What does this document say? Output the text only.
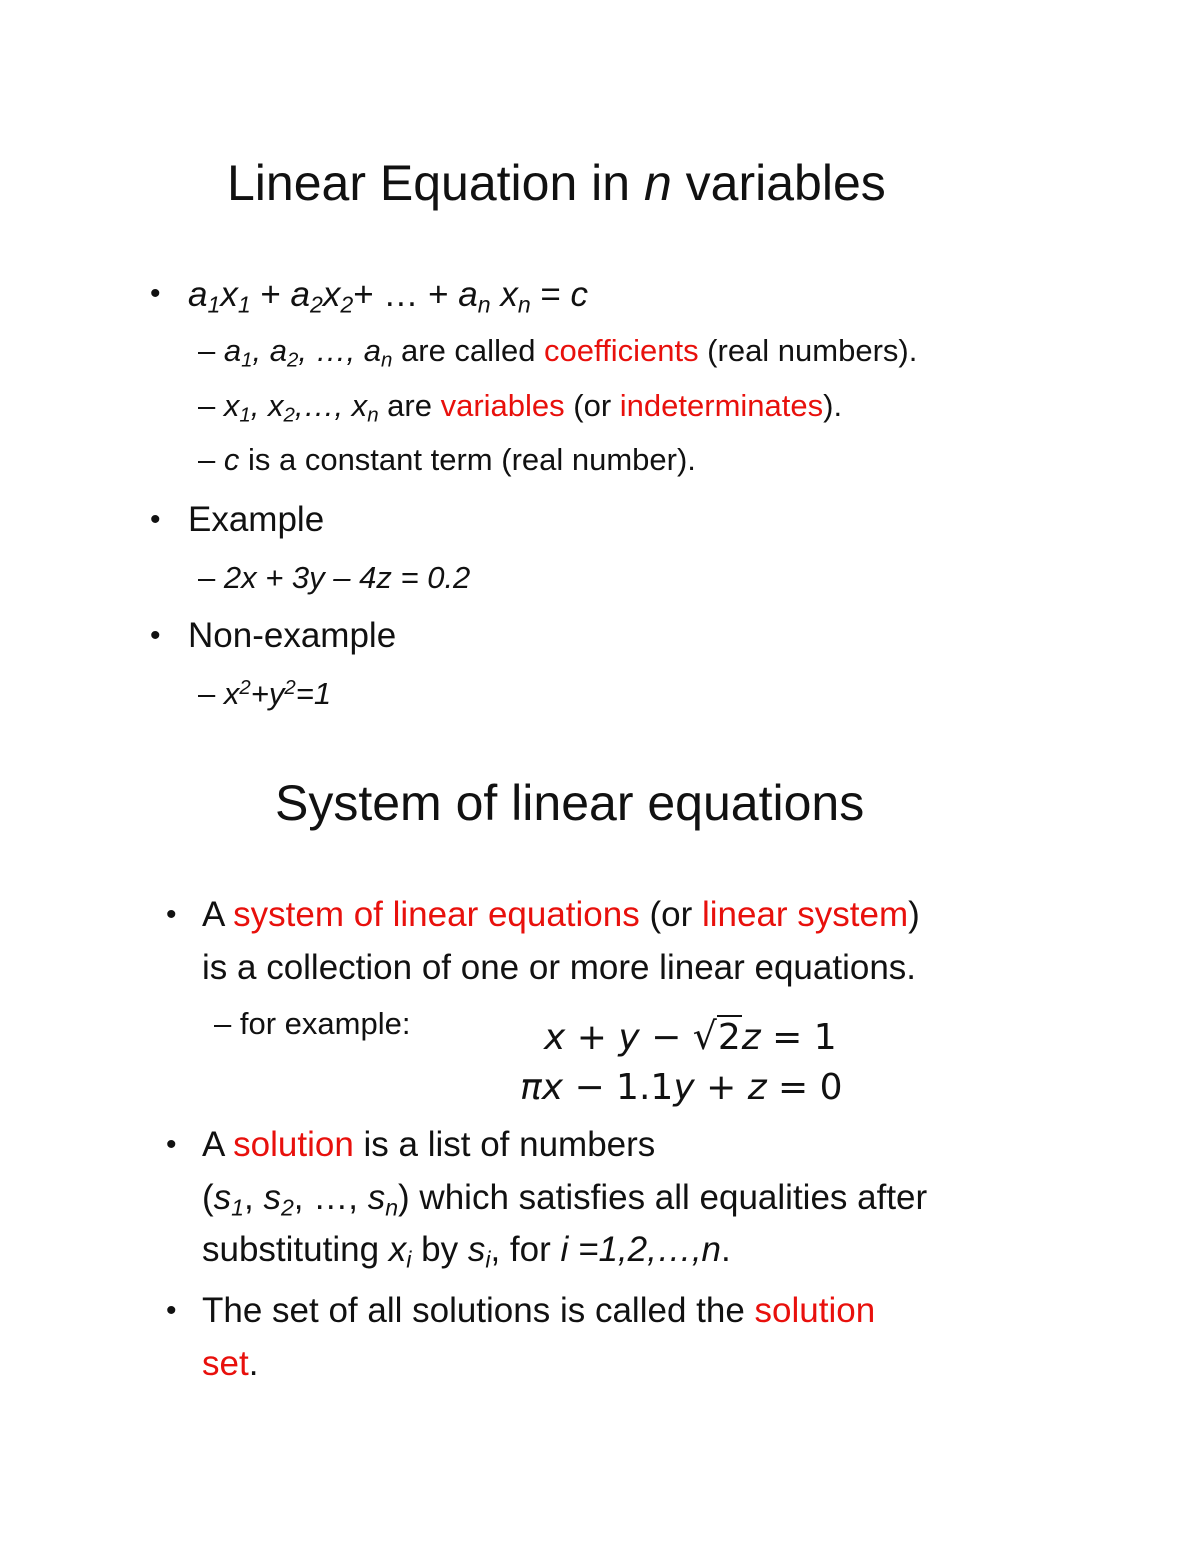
Linear Equation in n variables
• $a_1x_1 + a_2x_2+$ … + $a_n$ $x_n = c$
– $a_1$, $a_2$, …, $a_n$ are called coefficients (real numbers).
– $x_1$, $x_2,\dots$, $x_n$ are variables (or indeterminates).
– c is a constant term (real number).
• Example
– 2x + 3y – 4z = 0.2
• Non-example
– $x^2+y^2=1$
System of linear equations
• A system of linear equations (or linear system)
is a collection of one or more linear equations.
– for example:	x + y − √2z = 1
πx − 1.1y + z = 0
• A solution is a list of numbers
($s_1$, $s_2$, …, $s_n$) which satisfies all equalities after
substituting $x_i$ by $s_i$, for i =1,2,…,n.
• The set of all solutions is called the solution
set.
